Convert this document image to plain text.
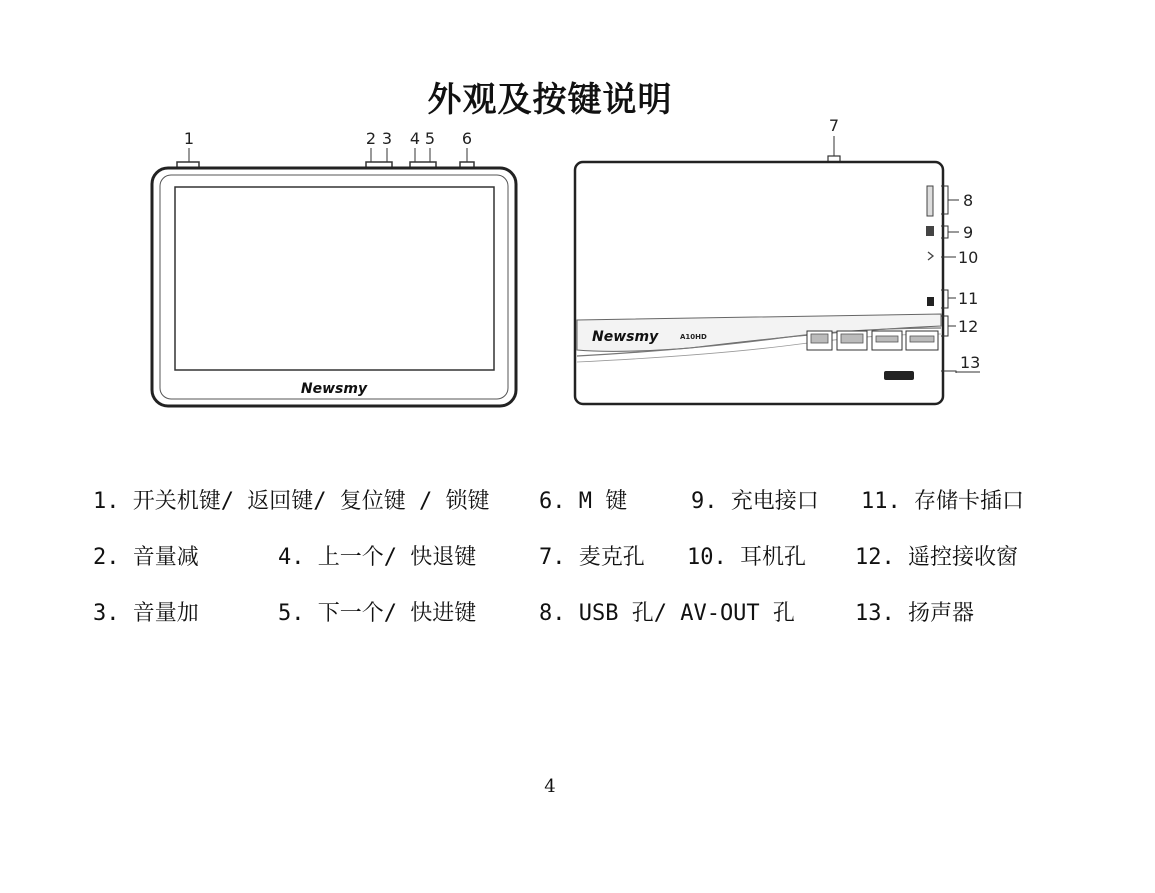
外观及按键说明
Newsmy
1	2 3 4 5 6
Newsmy	A10HD
7
8
9
10
11
12
13
1. 开关机键/ 返回键/ 复位键 / 锁键 6. M 键	9. 充电接口 11. 存储卡插口
2. 音量减	4. 上一个/ 快退键	7. 麦克孔 10. 耳机孔 12. 遥控接收窗
3. 音量加	5. 下一个/ 快进键	8. USB 孔/ AV-OUT 孔	13. 扬声器
4
